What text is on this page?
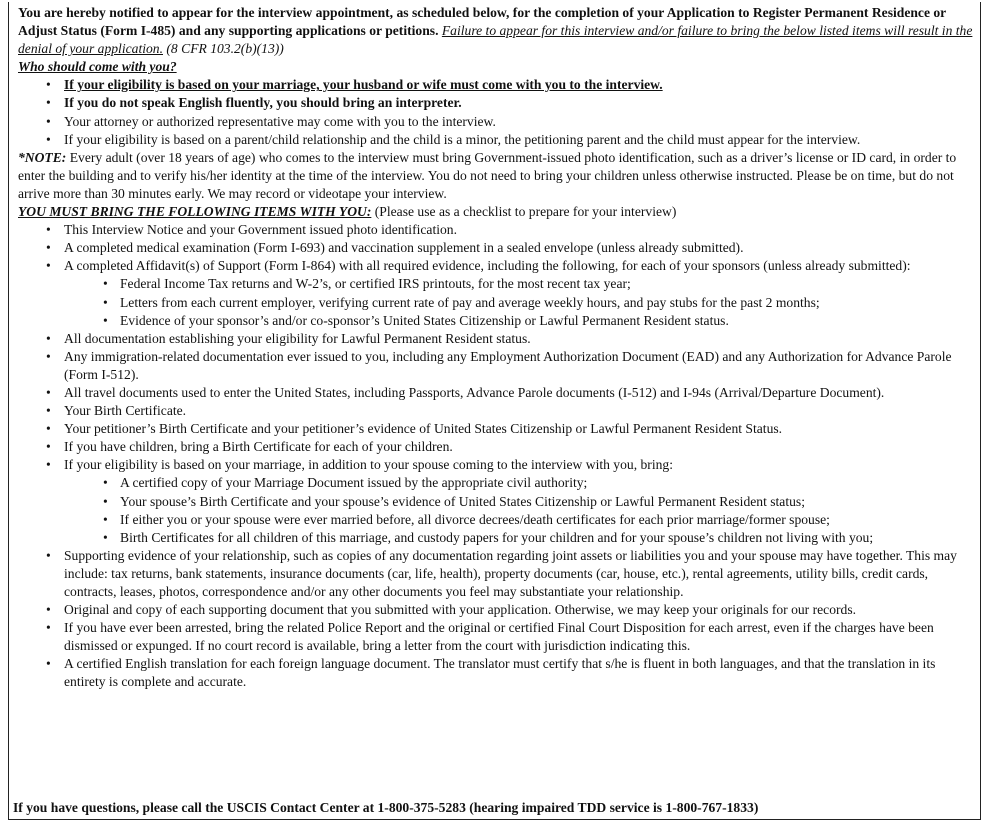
You are hereby notified to appear for the interview appointment, as scheduled below, for the completion of your Application to Register Permanent Residence or Adjust Status (Form I-485) and any supporting applications or petitions. Failure to appear for this interview and/or failure to bring the below listed items will result in the denial of your application. (8 CFR 103.2(b)(13))

Who should come with you?

• If your eligibility is based on your marriage, your husband or wife must come with you to the interview.
• If you do not speak English fluently, you should bring an interpreter.
• Your attorney or authorized representative may come with you to the interview.
• If your eligibility is based on a parent/child relationship and the child is a minor, the petitioning parent and the child must appear for the interview.

*NOTE: Every adult (over 18 years of age) who comes to the interview must bring Government-issued photo identification, such as a driver’s license or ID card, in order to enter the building and to verify his/her identity at the time of the interview. You do not need to bring your children unless otherwise instructed. Please be on time, but do not arrive more than 30 minutes early. We may record or videotape your interview.

YOU MUST BRING THE FOLLOWING ITEMS WITH YOU: (Please use as a checklist to prepare for your interview)

• This Interview Notice and your Government issued photo identification.
• A completed medical examination (Form I-693) and vaccination supplement in a sealed envelope (unless already submitted).
• A completed Affidavit(s) of Support (Form I-864) with all required evidence, including the following, for each of your sponsors (unless already submitted):
• Federal Income Tax returns and W-2’s, or certified IRS printouts, for the most recent tax year;
• Letters from each current employer, verifying current rate of pay and average weekly hours, and pay stubs for the past 2 months;
• Evidence of your sponsor’s and/or co-sponsor’s United States Citizenship or Lawful Permanent Resident status.
• All documentation establishing your eligibility for Lawful Permanent Resident status.
• Any immigration-related documentation ever issued to you, including any Employment Authorization Document (EAD) and any Authorization for Advance Parole (Form I-512).
• All travel documents used to enter the United States, including Passports, Advance Parole documents (I-512) and I-94s (Arrival/Departure Document).
• Your Birth Certificate.
• Your petitioner’s Birth Certificate and your petitioner’s evidence of United States Citizenship or Lawful Permanent Resident Status.
• If you have children, bring a Birth Certificate for each of your children.
• If your eligibility is based on your marriage, in addition to your spouse coming to the interview with you, bring:
• A certified copy of your Marriage Document issued by the appropriate civil authority;
• Your spouse’s Birth Certificate and your spouse’s evidence of United States Citizenship or Lawful Permanent Resident status;
• If either you or your spouse were ever married before, all divorce decrees/death certificates for each prior marriage/former spouse;
• Birth Certificates for all children of this marriage, and custody papers for your children and for your spouse’s children not living with you;
• Supporting evidence of your relationship, such as copies of any documentation regarding joint assets or liabilities you and your spouse may have together. This may include: tax returns, bank statements, insurance documents (car, life, health), property documents (car, house, etc.), rental agreements, utility bills, credit cards, contracts, leases, photos, correspondence and/or any other documents you feel may substantiate your relationship.
• Original and copy of each supporting document that you submitted with your application. Otherwise, we may keep your originals for our records.
• If you have ever been arrested, bring the related Police Report and the original or certified Final Court Disposition for each arrest, even if the charges have been dismissed or expunged. If no court record is available, bring a letter from the court with jurisdiction indicating this.
• A certified English translation for each foreign language document. The translator must certify that s/he is fluent in both languages, and that the translation in its entirety is complete and accurate.
If you have questions, please call the USCIS Contact Center at 1-800-375-5283 (hearing impaired TDD service is 1-800-767-1833)
